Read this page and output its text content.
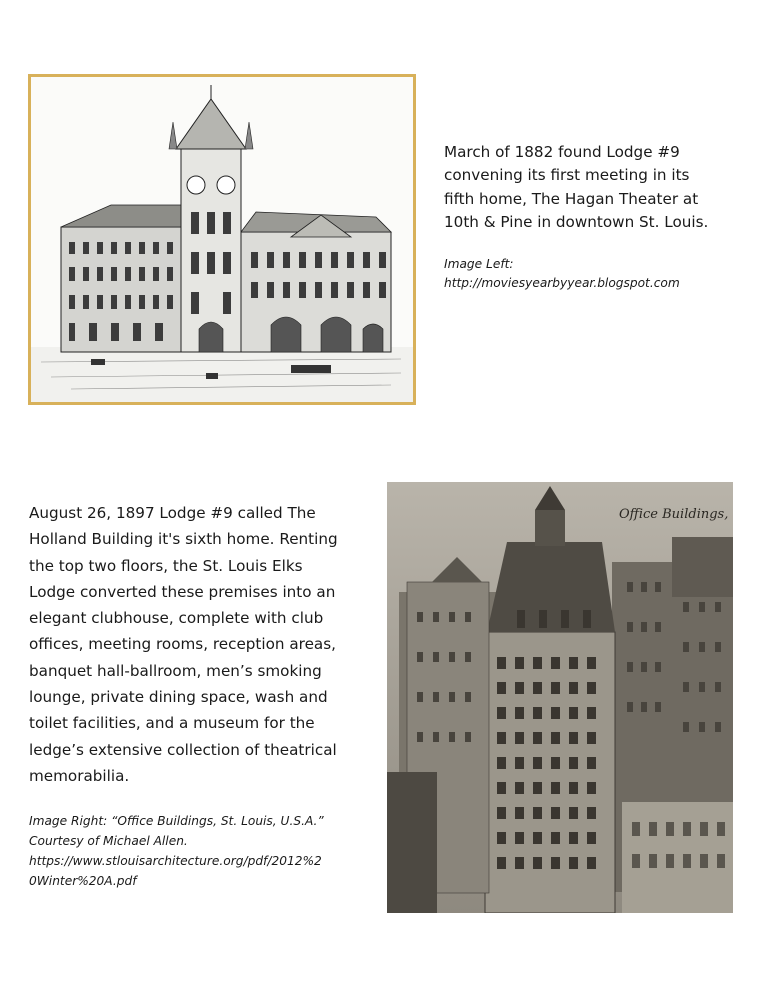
March of 1882 found Lodge #9
convening its first meeting in its
fifth home, The Hagan Theater at
10th & Pine in downtown St. Louis.

Image Left:
http://moviesyearbyyear.blogspot.com

August 26, 1897 Lodge #9 called The
Holland Building it's sixth home. Renting
the top two floors, the St. Louis Elks
Lodge converted these premises into an
elegant clubhouse, complete with club
offices, meeting rooms, reception areas,
banquet hall-ballroom, men’s smoking
lounge, private dining space, wash and
toilet facilities, and a museum for the
ledge’s extensive collection of theatrical
memorabilia.

Image Right: “Office Buildings, St. Louis, U.S.A.”

Courtesy of Michael Allen.

https://www.stlouisarchitecture.org/pdf/2012%2
0Winter%20A.pdf

Office Buildings,
